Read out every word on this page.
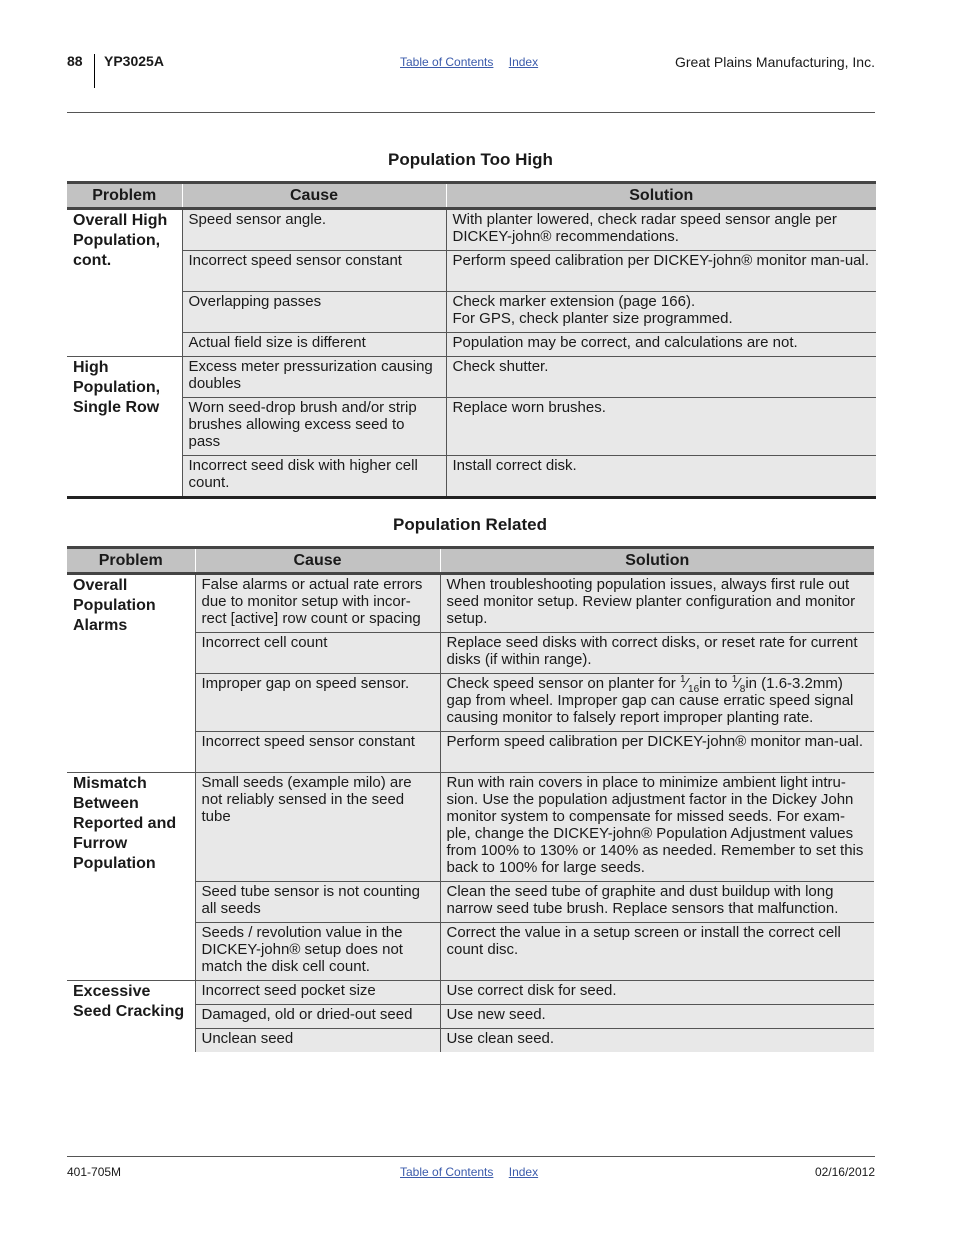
88 YP3025A	Table of Contents Index	Great Plains Manufacturing, Inc.
Population Too High
Problem	Cause	Solution
Overall High Population, cont.	Speed sensor angle.	With planter lowered, check radar speed sensor angle per DICKEY-john® recommendations.
	Incorrect speed sensor constant	Perform speed calibration per DICKEY-john® monitor man-ual.
	Overlapping passes	Check marker extension (page 166).
For GPS, check planter size programmed.

	Actual field size is different	Population may be correct, and calculations are not.
High Population, Single Row	Excess meter pressurization causing doubles	Check shutter.
	Worn seed-drop brush and/or strip brushes allowing excess seed to pass	Replace worn brushes.
	Incorrect seed disk with higher cell count.	Install correct disk.
Population Related
Problem	Cause	Solution
Overall Population Alarms	False alarms or actual rate errors due to monitor setup with incor-rect [active] row count or spacing	When troubleshooting population issues, always first rule out seed monitor setup. Review planter configuration and monitor setup.
	Incorrect cell count	Replace seed disks with correct disks, or reset rate for current disks (if within range).
	Improper gap on speed sensor.	Check speed sensor on planter for $^1⁄_{16}in$ to $^1⁄_8in$ (1.6-3.2mm) gap from wheel. Improper gap can cause erratic speed signal causing monitor to falsely report improper planting rate.
	Incorrect speed sensor constant	Perform speed calibration per DICKEY-john® monitor man-ual.
Mismatch Between Reported and Furrow Population	Small seeds (example milo) are not reliably sensed in the seed tube	Run with rain covers in place to minimize ambient light intru-sion. Use the population adjustment factor in the Dickey John monitor system to compensate for missed seeds. For exam-ple, change the DICKEY-john® Population Adjustment values from 100% to 130% or 140% as needed. Remember to set this back to 100% for large seeds.
	Seed tube sensor is not counting all seeds	Clean the seed tube of graphite and dust buildup with long narrow seed tube brush. Replace sensors that malfunction.
	Seeds / revolution value in the DICKEY-john® setup does not match the disk cell count.	Correct the value in a setup screen or install the correct cell count disc.
Excessive Seed Cracking	Incorrect seed pocket size	Use correct disk for seed.
	Damaged, old or dried-out seed	Use new seed.
	Unclean seed	Use clean seed.
401-705M	Table of Contents Index	02/16/2012
